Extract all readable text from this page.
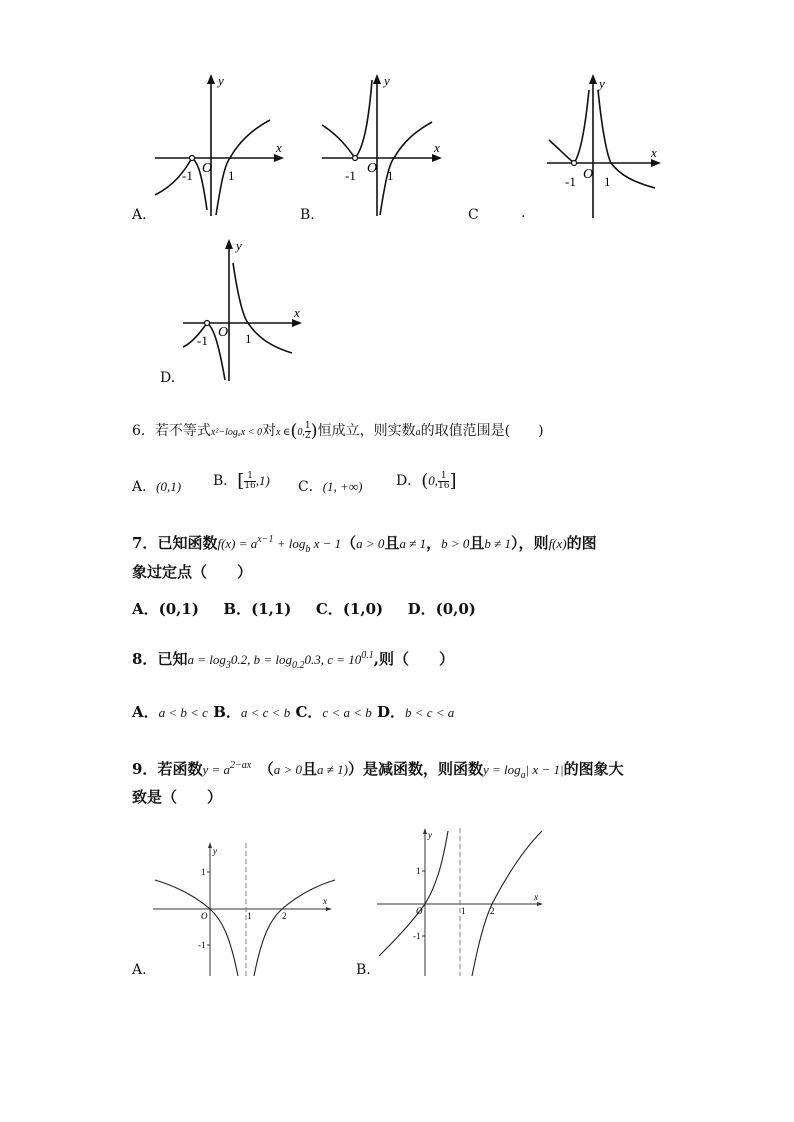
y
x
-1 O 1
A.
y
x
-1 O 1
B.
y
x
-1 O 1
C	.
y
x
-1
O 1
D.
6．若不等式x²−logₐx < 0对x ∈(0, $\frac{1}{2}$ )恒成立，则实数a的取值范围是(　　)
A．(0,1) B．[ $\frac{1}{16} ,1$) C．(1, +∞) D．(0, $\frac{1}{16}$ ]
7．已知函数$f(x) = a^{x-1} + \log_b x - 1(a > 0$且a ≠ 1，b > 0且b ≠ 1），则f(x)的图
象过定点（　　）
A．(0,1) B．(1,1) C．(1,0) D．(0,0)
8．已知$a = \log_30.2$, $b = \log_{0.2}0.3$, $c = 10^{0.1}$,则（　　）
A．a < b < c B．a < c < b C．c < a < b D．b < c < a
9．若函数$y = a^{2-ax}$　 （a > 0且a ≠ 1)）是减函数，则函数$y = \log_a|$ x − 1|的图象大
致是（　　）
y
x
1
-1
O	1	2
A.
y
x
1
-1
O	1	2
B.
